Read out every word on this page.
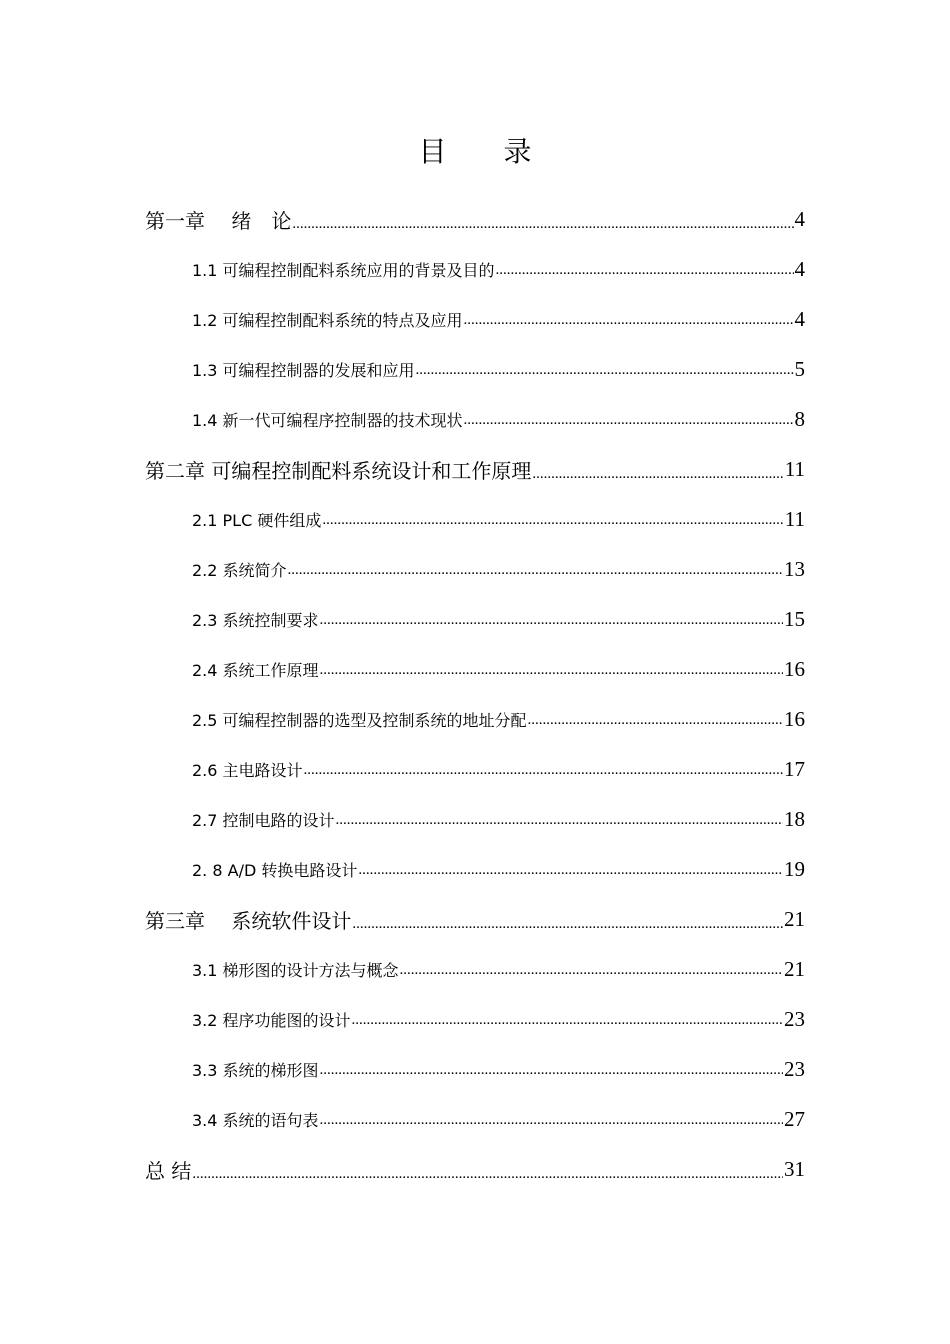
目 录
第一章　 绪　论 .....	4
1.1 可编程控制配料系统应用的背景及目的 .....	4
1.2 可编程控制配料系统的特点及应用 .....	4
1.3 可编程控制器的发展和应用 .....	5
1.4 新一代可编程序控制器的技术现状 .....	8
第二章 可编程控制配料系统设计和工作原理 .....	11
2.1 PLC 硬件组成 .....	11
2.2 系统简介 .....	13
2.3 系统控制要求 .....	15
2.4 系统工作原理 .....	16
2.5 可编程控制器的选型及控制系统的地址分配 .....	16
2.6 主电路设计 .....	17
2.7 控制电路的设计 .....	18
2. 8 A/D 转换电路设计 .....	19
第三章　 系统软件设计 .....	21
3.1 梯形图的设计方法与概念 .....	21
3.2 程序功能图的设计 .....	23
3.3 系统的梯形图 .....	23
3.4 系统的语句表 .....	27
总 结 .....	31
